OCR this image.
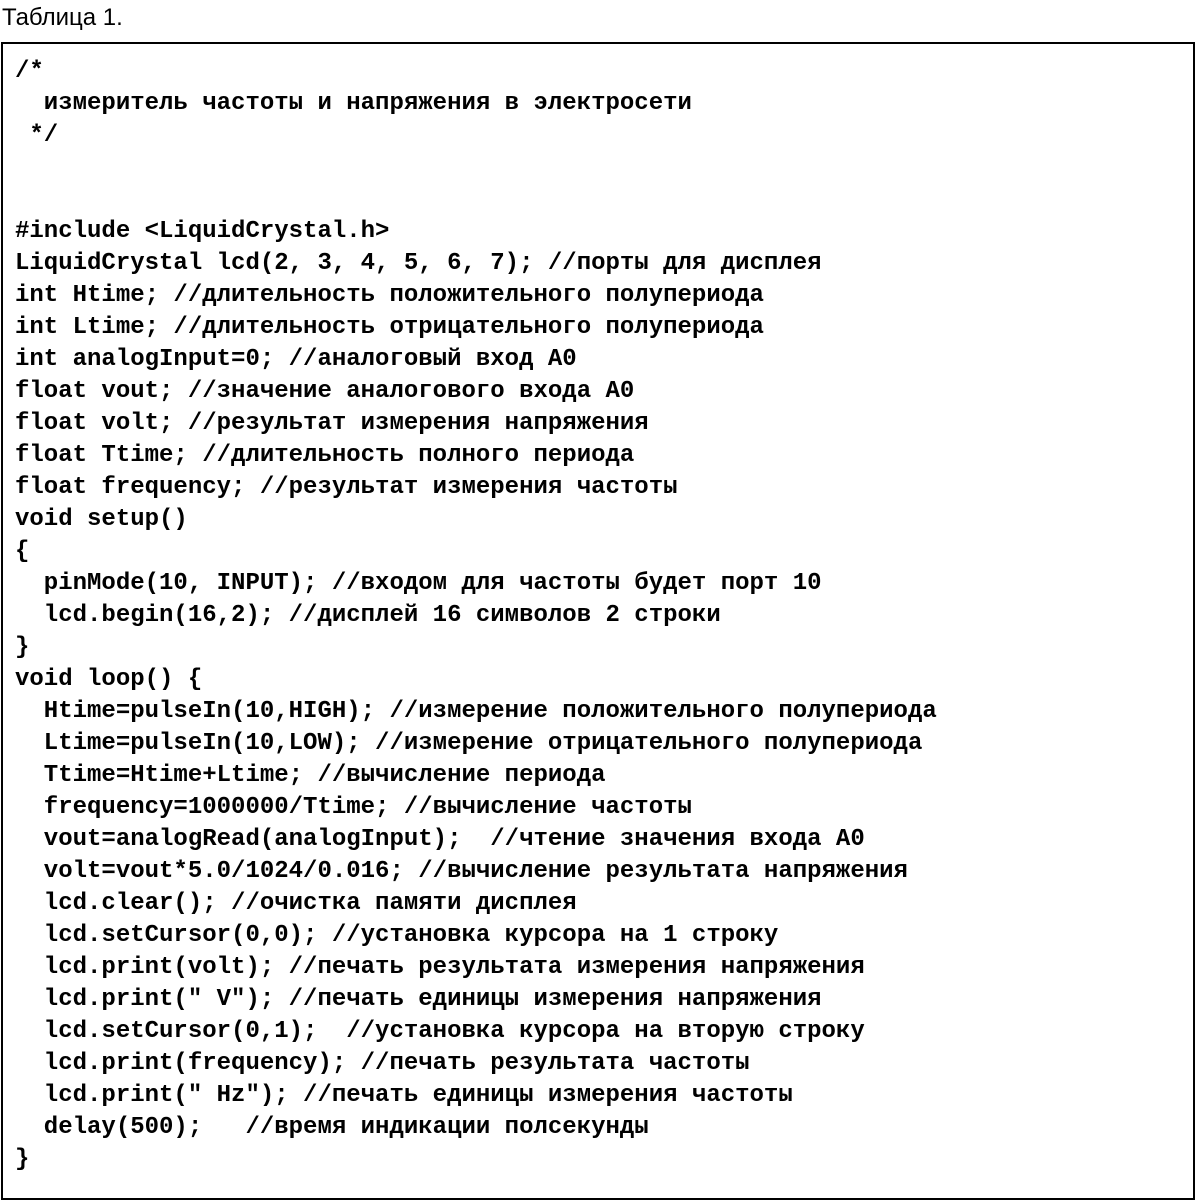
Таблица 1.
/*
измеритель частоты и напряжения в электросети
*/
#include <LiquidCrystal.h>
LiquidCrystal lcd(2, 3, 4, 5, 6, 7); //порты для дисплея
int Htime; //длительность положительного полупериода
int Ltime; //длительность отрицательного полупериода
int analogInput=0; //аналоговый вход A0
float vout; //значение аналогового входа A0
float volt; //результат измерения напряжения
float Ttime; //длительность полного периода
float frequency; //результат измерения частоты
void setup()
{
pinMode(10, INPUT); //входом для частоты будет порт 10
lcd.begin(16,2); //дисплей 16 символов 2 строки
}
void loop() {
Htime=pulseIn(10,HIGH); //измерение положительного полупериода
Ltime=pulseIn(10,LOW); //измерение отрицательного полупериода
Ttime=Htime+Ltime; //вычисление периода
frequency=1000000/Ttime; //вычисление частоты
vout=analogRead(analogInput);  //чтение значения входа A0
volt=vout*5.0/1024/0.016; //вычисление результата напряжения
lcd.clear(); //очистка памяти дисплея
lcd.setCursor(0,0); //установка курсора на 1 строку
lcd.print(volt); //печать результата измерения напряжения
lcd.print(" V"); //печать единицы измерения напряжения
lcd.setCursor(0,1);  //установка курсора на вторую строку
lcd.print(frequency); //печать результата частоты
lcd.print(" Hz"); //печать единицы измерения частоты
delay(500);   //время индикации полсекунды
}
